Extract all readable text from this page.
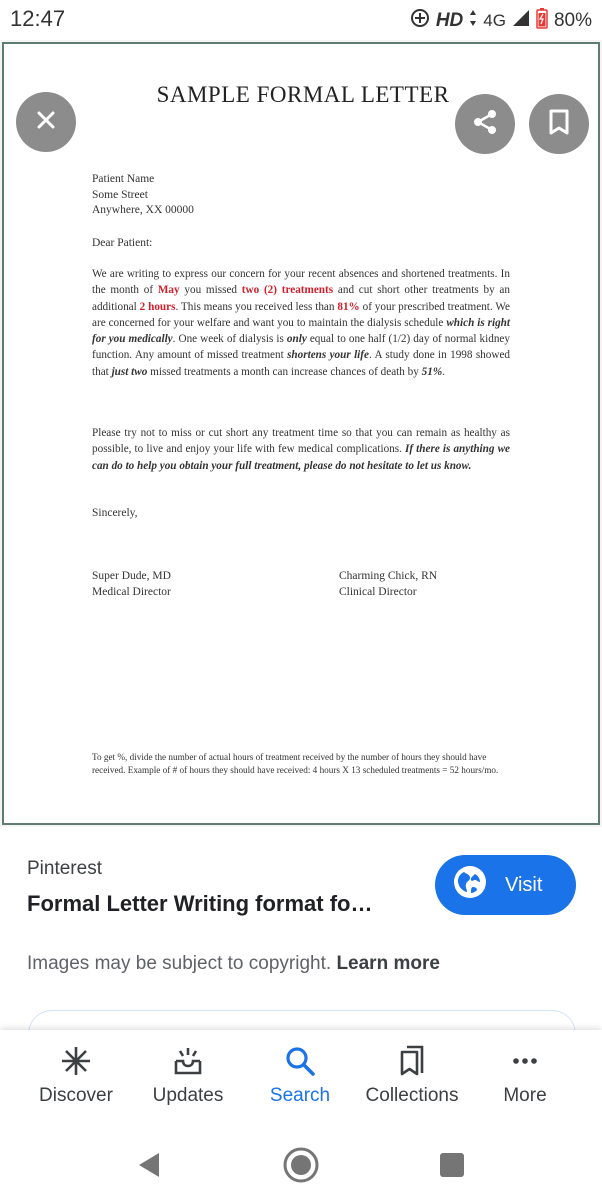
12:47	HD 4G	80%
SAMPLE FORMAL LETTER
Patient Name
Some Street
Anywhere, XX 00000
Dear Patient:
We are writing to express our concern for your recent absences and shortened treatments. In the month of May you missed two (2) treatments and cut short other treatments by an additional 2 hours. This means you received less than 81% of your prescribed treatment. We are concerned for your welfare and want you to maintain the dialysis schedule which is right for you medically. One week of dialysis is only equal to one half (1/2) day of normal kidney function. Any amount of missed treatment shortens your life. A study done in 1998 showed that just two missed treatments a month can increase chances of death by 51%.
Please try not to miss or cut short any treatment time so that you can remain as healthy as possible, to live and enjoy your life with few medical complications. If there is anything we can do to help you obtain your full treatment, please do not hesitate to let us know.
Sincerely,
Super Dude, MD
Medical Director
Charming Chick, RN
Clinical Director
To get %, divide the number of actual hours of treatment received by the number of hours they should have received. Example of # of hours they should have received: 4 hours X 13 scheduled treatments = 52 hours/mo.
Pinterest
Formal Letter Writing format fo…
Visit
Images may be subject to copyright. Learn more
Discover	Updates	Search	Collections	More
